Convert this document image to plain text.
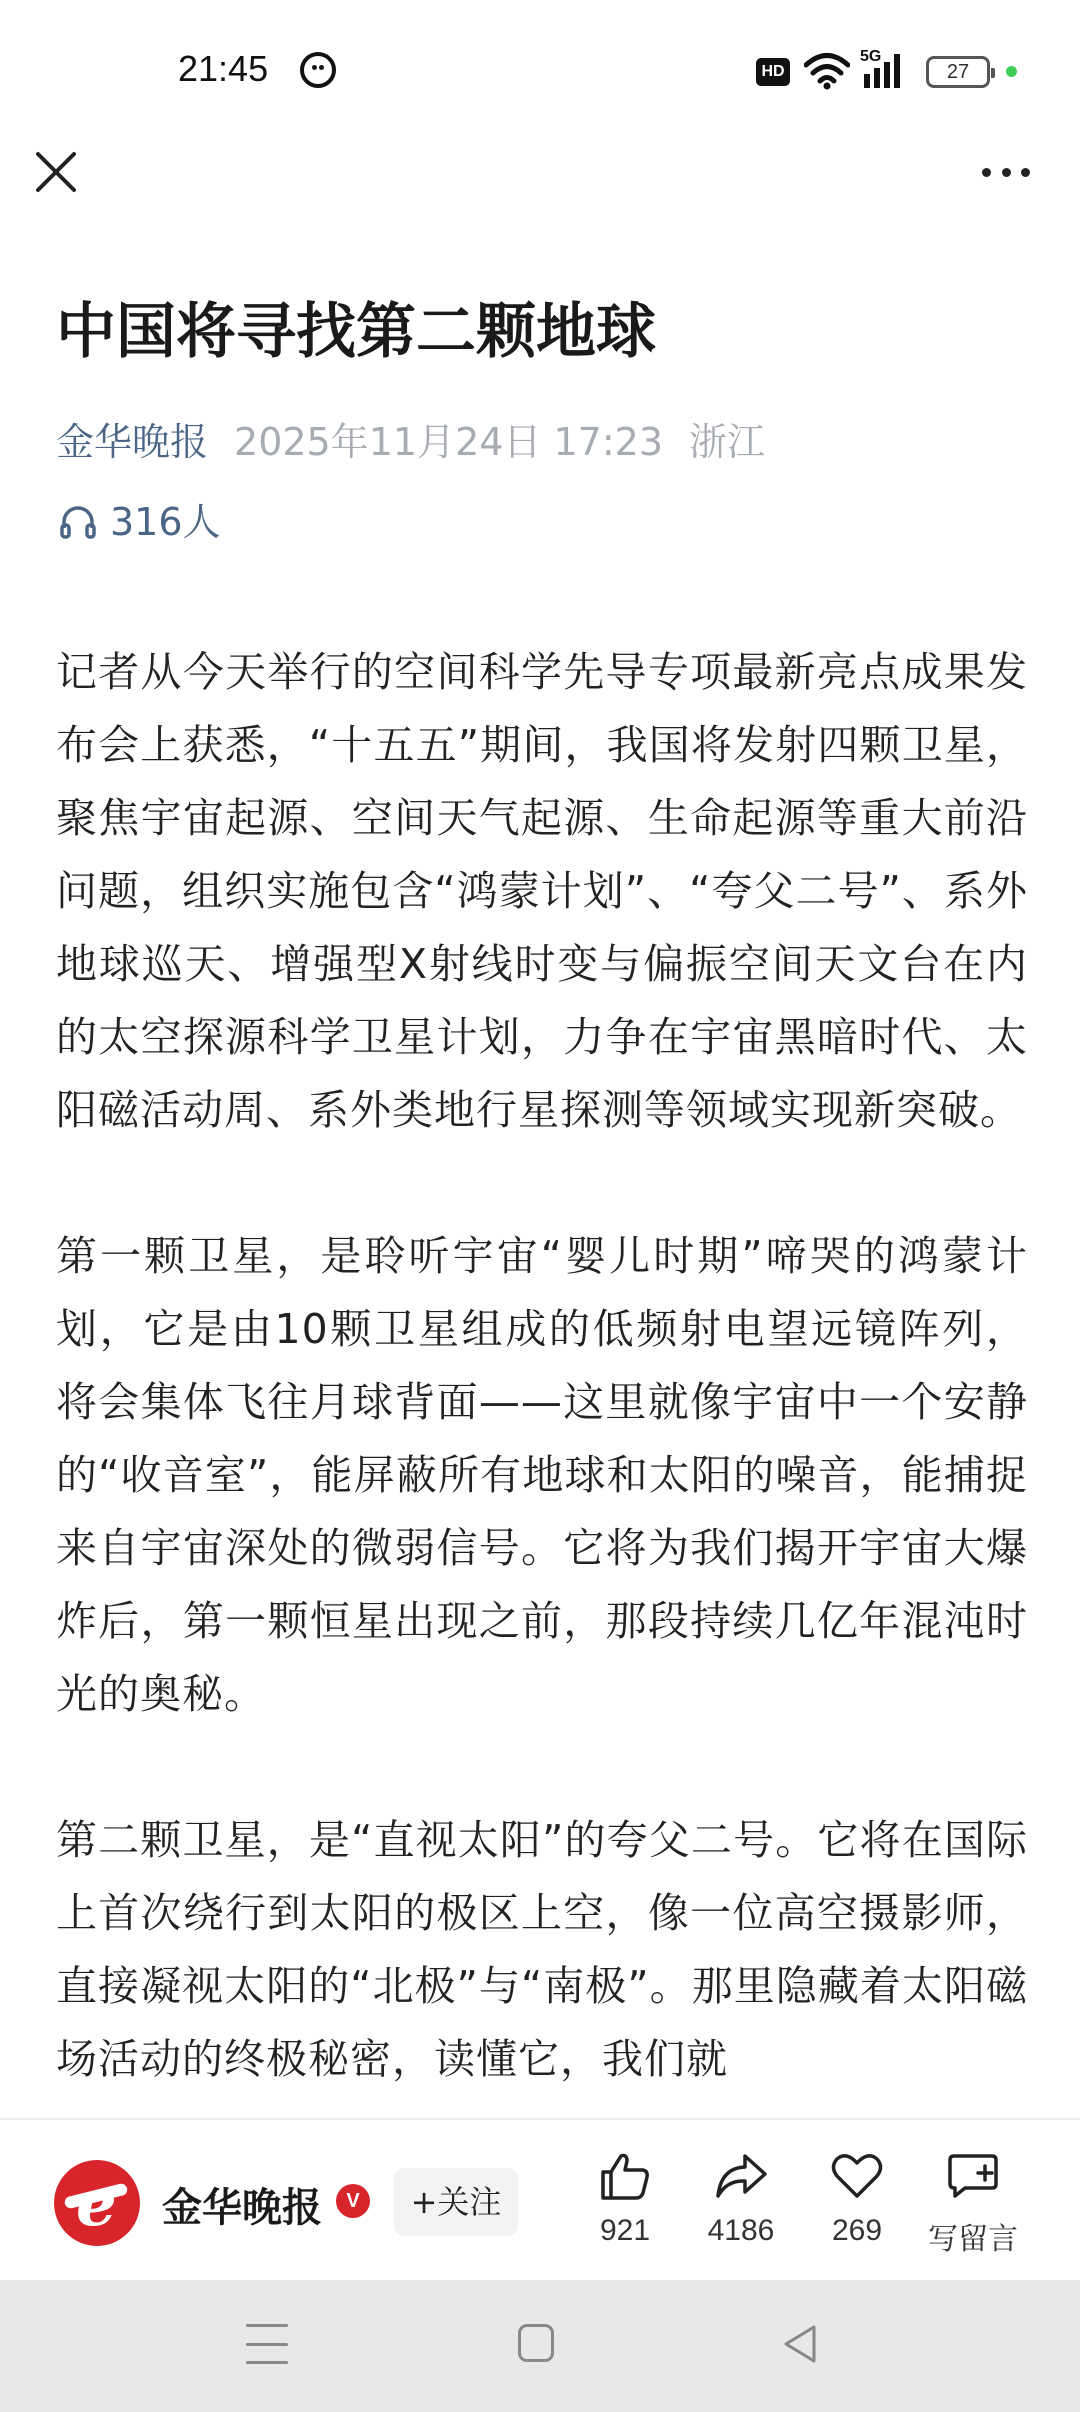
21:45	HD
5G
27
中国将寻找第二颗地球
金华晚报 2025年11月24日 17:23 浙江
316人

记者从今天举行的空间科学先导专项最新亮点成果发布会上获悉，“十五五”期间，我国将发射四颗卫星，聚焦宇宙起源、空间天气起源、生命起源等重大前沿问题，组织实施包含“鸿蒙计划”、“夸父二号”、系外地球巡天、增强型X射线时变与偏振空间天文台在内的太空探源科学卫星计划，力争在宇宙黑暗时代、太阳磁活动周、系外类地行星探测等领域实现新突破。

第一颗卫星，是聆听宇宙“婴儿时期”啼哭的鸿蒙计划，它是由10颗卫星组成的低频射电望远镜阵列，将会集体飞往月球背面——这里就像宇宙中一个安静的“收音室”，能屏蔽所有地球和太阳的噪音，能捕捉来自宇宙深处的微弱信号。它将为我们揭开宇宙大爆炸后，第一颗恒星出现之前，那段持续几亿年混沌时光的奥秘。

第二颗卫星，是“直视太阳”的夸父二号。它将在国际上首次绕行到太阳的极区上空，像一位高空摄影师，直接凝视太阳的“北极”与“南极”。那里隐藏着太阳磁场活动的终极秘密，读懂它，我们就

e
金华晚报	V	+关注
921	4186	269	写留言
